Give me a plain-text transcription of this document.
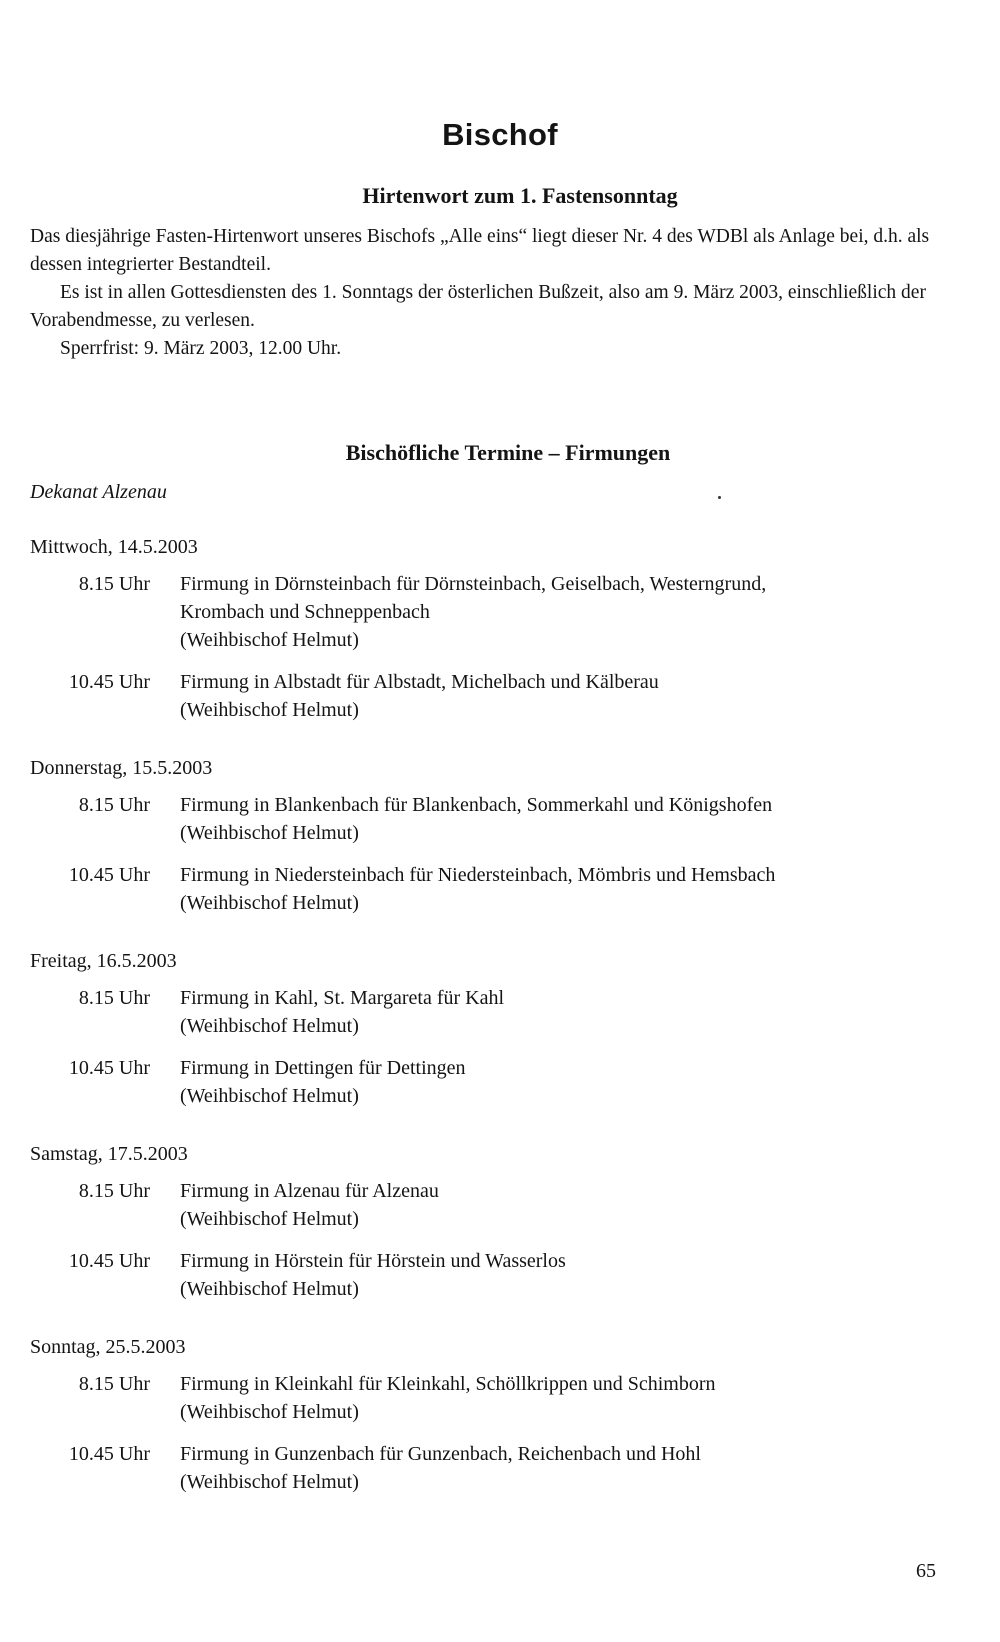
Bischof
Hirtenwort zum 1. Fastensonntag

Das diesjährige Fasten-Hirtenwort unseres Bischofs „Alle eins“ liegt dieser Nr. 4 des WDBl als Anlage bei, d.h. als dessen integrierter Bestandteil.

Es ist in allen Gottesdiensten des 1. Sonntags der österlichen Bußzeit, also am 9. März 2003, einschließlich der Vorabendmesse, zu verlesen.

Sperrfrist: 9. März 2003, 12.00 Uhr.

Bischöfliche Termine – Firmungen
Dekanat Alzenau
Mittwoch, 14.5.2003
8.15 Uhr Firmung in Dörnsteinbach für Dörnsteinbach, Geiselbach, Westerngrund,
Krombach und Schneppenbach
(Weihbischof Helmut)
10.45 Uhr Firmung in Albstadt für Albstadt, Michelbach und Kälberau
(Weihbischof Helmut)
Donnerstag, 15.5.2003
8.15 Uhr Firmung in Blankenbach für Blankenbach, Sommerkahl und Königshofen
(Weihbischof Helmut)
10.45 Uhr Firmung in Niedersteinbach für Niedersteinbach, Mömbris und Hemsbach
(Weihbischof Helmut)
Freitag, 16.5.2003
8.15 Uhr Firmung in Kahl, St. Margareta für Kahl
(Weihbischof Helmut)
10.45 Uhr Firmung in Dettingen für Dettingen
(Weihbischof Helmut)
Samstag, 17.5.2003
8.15 Uhr Firmung in Alzenau für Alzenau
(Weihbischof Helmut)
10.45 Uhr Firmung in Hörstein für Hörstein und Wasserlos
(Weihbischof Helmut)
Sonntag, 25.5.2003
8.15 Uhr Firmung in Kleinkahl für Kleinkahl, Schöllkrippen und Schimborn
(Weihbischof Helmut)
10.45 Uhr Firmung in Gunzenbach für Gunzenbach, Reichenbach und Hohl
(Weihbischof Helmut)
65
